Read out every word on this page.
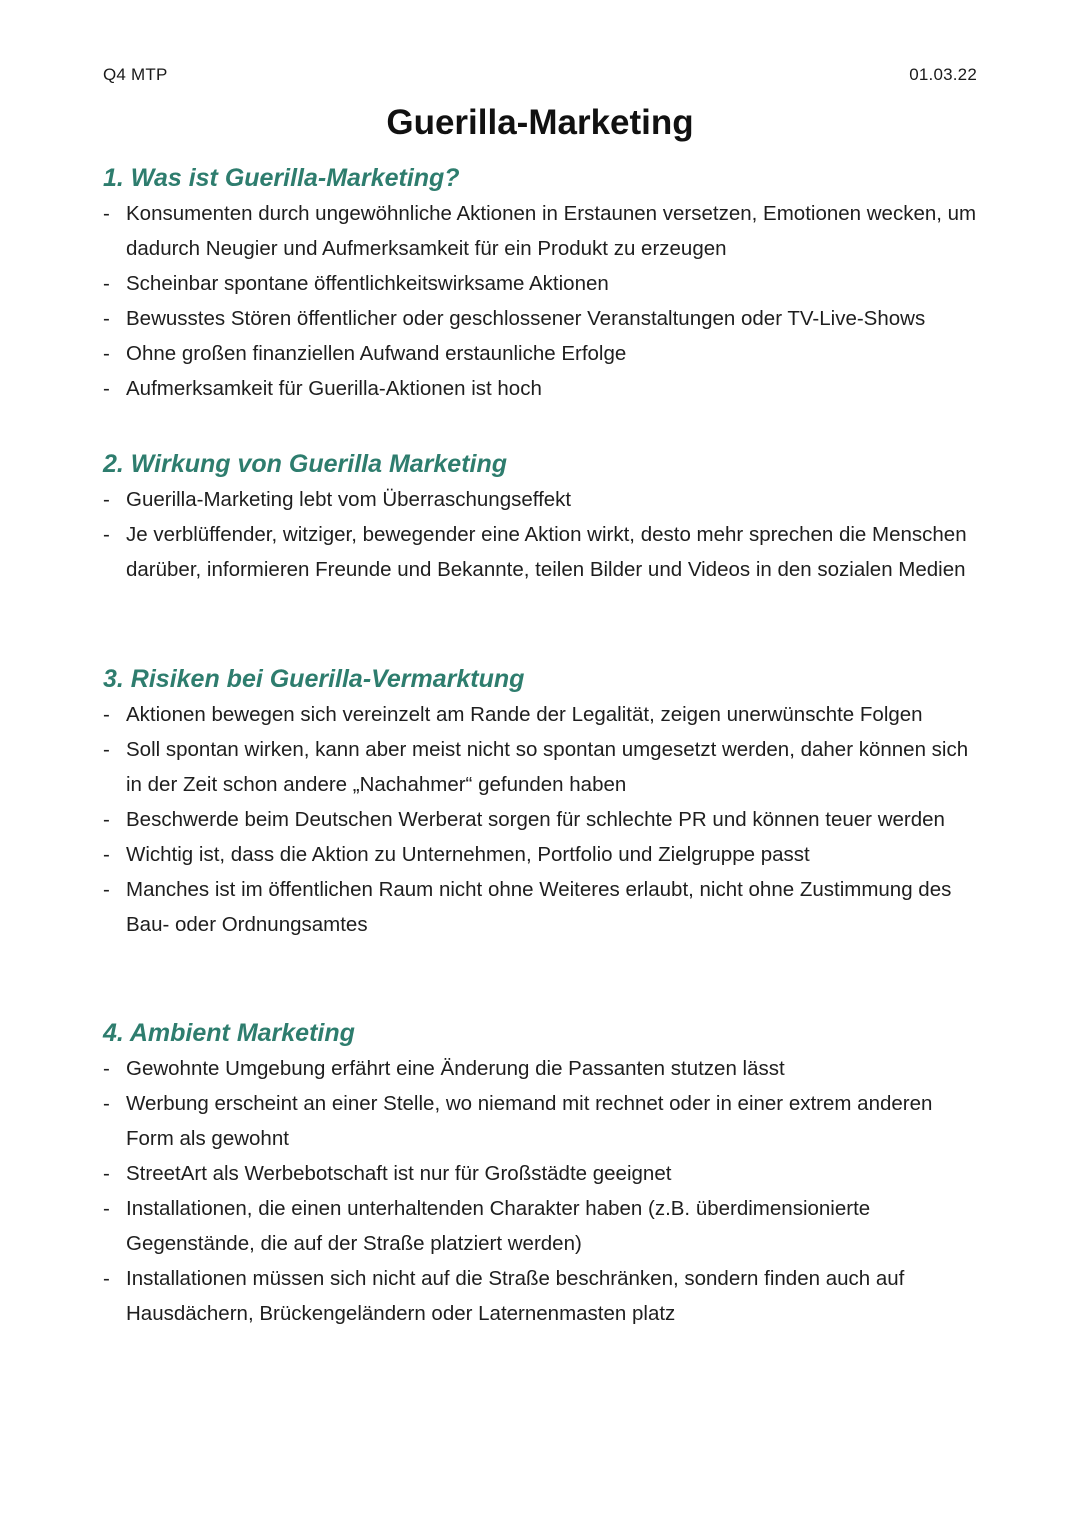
Q4 MTP	01.03.22
Guerilla-Marketing
1. Was ist Guerilla-Marketing?
- Konsumenten durch ungewöhnliche Aktionen in Erstaunen versetzen, Emotionen wecken, um dadurch Neugier und Aufmerksamkeit für ein Produkt zu erzeugen
- Scheinbar spontane öffentlichkeitswirksame Aktionen
- Bewusstes Stören öffentlicher oder geschlossener Veranstaltungen oder TV-Live-Shows
- Ohne großen finanziellen Aufwand erstaunliche Erfolge
- Aufmerksamkeit für Guerilla-Aktionen ist hoch
2. Wirkung von Guerilla Marketing
- Guerilla-Marketing lebt vom Überraschungseffekt
- Je verblüffender, witziger, bewegender eine Aktion wirkt, desto mehr sprechen die Menschen darüber, informieren Freunde und Bekannte, teilen Bilder und Videos in den sozialen Medien
3. Risiken bei Guerilla-Vermarktung
- Aktionen bewegen sich vereinzelt am Rande der Legalität, zeigen unerwünschte Folgen
- Soll spontan wirken, kann aber meist nicht so spontan umgesetzt werden, daher können sich in der Zeit schon andere „Nachahmer“ gefunden haben
- Beschwerde beim Deutschen Werberat sorgen für schlechte PR und können teuer werden
- Wichtig ist, dass die Aktion zu Unternehmen, Portfolio und Zielgruppe passt
- Manches ist im öffentlichen Raum nicht ohne Weiteres erlaubt, nicht ohne Zustimmung des Bau- oder Ordnungsamtes
4. Ambient Marketing
- Gewohnte Umgebung erfährt eine Änderung die Passanten stutzen lässt
- Werbung erscheint an einer Stelle, wo niemand mit rechnet oder in einer extrem anderen Form als gewohnt
- StreetArt als Werbebotschaft ist nur für Großstädte geeignet
- Installationen, die einen unterhaltenden Charakter haben (z.B. überdimensionierte Gegenstände, die auf der Straße platziert werden)
- Installationen müssen sich nicht auf die Straße beschränken, sondern finden auch auf Hausdächern, Brückengeländern oder Laternenmasten platz
